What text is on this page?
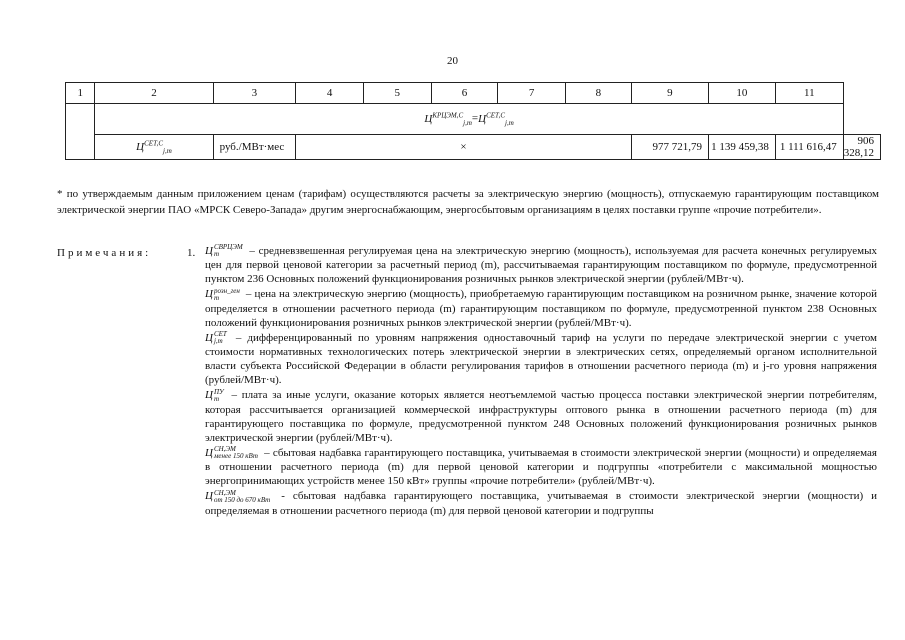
20
1	2	3	4	5	6	7	8	9	10	11	
	$Ц^{КРЦЭМ,С}_{j,m}=Ц^{СЕТ,С}_{j,m}$
	$Ц^{СЕТ,С}_{j,m}$	руб./МВт·мес	×					977 721,79	1 139 459,38	1 111 616,47	906 328,12
* по утверждаемым данным приложением ценам (тарифам) осуществляются расчеты за электрическую энергию (мощность), отпускаемую гарантирующим поставщиком электрической энергии ПАО «МРСК Северо-Запада» другим энергоснабжающим, энергосбытовым организациям в целях поставки группе «прочие потребители».
Примечания:	1. Ц СВРЦЭМ
m	– средневзвешенная регулируемая цена на электрическую энергию (мощность), используемая для расчета конечных регулируемых цен для первой ценовой категории за расчетный период (m), рассчитываемая гарантирующим поставщиком по формуле, предусмотренной пунктом 236 Основных положений функционирования розничных рынков электрической энергии (рублей/МВт·ч).

Ц розн_ген
m	– цена на электрическую энергию (мощность), приобретаемую гарантирующим поставщиком на розничном рынке, значение которой определяется в отношении расчетного периода (m) гарантирующим поставщиком по формуле, предусмотренной пунктом 238 Основных положений функционирования розничных рынков электрической энергии (рублей/МВт·ч).

Ц СЕТ
j,m – дифференцированный по уровням напряжения одноставочный тариф на услуги по передаче электрической энергии с учетом стоимости нормативных технологических потерь электрической энергии в электрических сетях, определяемый органом исполнительной власти субъекта Российской Федерации в области регулирования тарифов в отношении расчетного периода (m) и j-го уровня напряжения (рублей/МВт·ч).

Ц ПУ
m – плата за иные услуги, оказание которых является неотъемлемой частью процесса поставки электрической энергии потребителям, которая рассчитывается организацией коммерческой инфраструктуры оптового рынка в отношении расчетного периода (m) для гарантирующего поставщика по формуле, предусмотренной пунктом 248 Основных положений функционирования розничных рынков электрической энергии (рублей/МВт·ч).

Ц СН,ЭМ
менее 150 кВт – сбытовая надбавка гарантирующего поставщика, учитываемая в стоимости электрической энергии (мощности) и определяемая в отношении расчетного периода (m) для первой ценовой категории и подгруппы «потребители с максимальной мощностью энергопринимающих устройств менее 150 кВт» группы «прочие потребители» (рублей/МВт·ч).

Ц СН,ЭМ
от 150 до 670 кВт - сбытовая надбавка гарантирующего поставщика, учитываемая в стоимости электрической энергии (мощности) и определяемая в отношении расчетного периода (m) для первой ценовой категории и подгруппы
